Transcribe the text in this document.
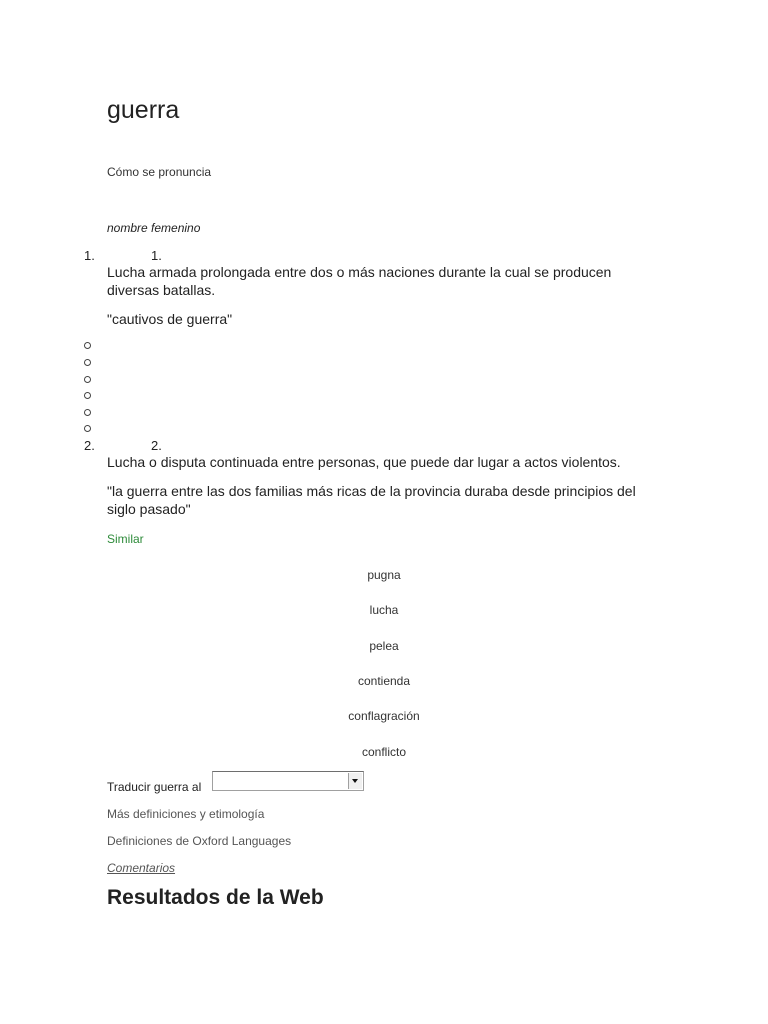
guerra
Cómo se pronuncia
nombre femenino
1.	1.
Lucha armada prolongada entre dos o más naciones durante la cual se producen diversas batallas.
"cautivos de guerra"
2.	2.
Lucha o disputa continuada entre personas, que puede dar lugar a actos violentos.
"la guerra entre las dos familias más ricas de la provincia duraba desde principios del siglo pasado"
Similar
pugna
lucha
pelea
contienda
conflagración
conflicto
Traducir guerra al
Más definiciones y etimología
Definiciones de Oxford Languages
Comentarios
Resultados de la Web
